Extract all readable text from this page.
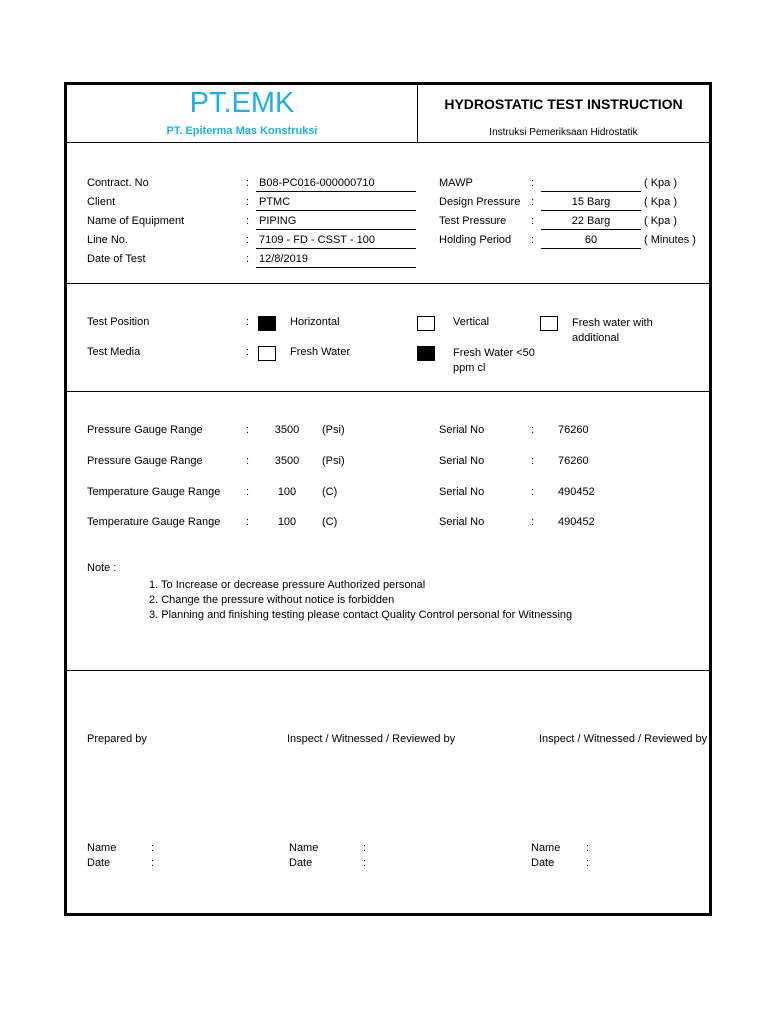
PT.EMK
PT. Epiterma Mas Konstruksi
HYDROSTATIC TEST INSTRUCTION
Instruksi Pemeriksaan Hidrostatik
Contract. No	: B08-PC016-000000710
Client	: PTMC
Name of Equipment	: PIPING
Line No.	: 7109 - FD - CSST - 100
Date of Test	: 12/8/2019
MAWP	:	( Kpa )
Design Pressure :	15 Barg	( Kpa )
Test Pressure :	22 Barg	( Kpa )
Holding Period :	60	( Minutes )
Test Position	:	Horizontal	Vertical	Fresh water with
additional
Test Media	:	Fresh Water	Fresh Water <50
ppm cl
Pressure Gauge Range	:	3500	(Psi)	Serial No	: 76260
Pressure Gauge Range	:	3500	(Psi)	Serial No	: 76260
Temperature Gauge Range :	100	(C)	Serial No	: 490452
Temperature Gauge Range :	100	(C)	Serial No	: 490452
Note :
1. To Increase or decrease pressure Authorized personal
2. Change the pressure without notice is forbidden
3. Planning and finishing testing please contact Quality Control personal for Witnessing
Prepared by	Inspect / Witnessed / Reviewed by	Inspect / Witnessed / Reviewed by
Name	:
Date	:
Name	:
Date	:
Name :
Date	:
